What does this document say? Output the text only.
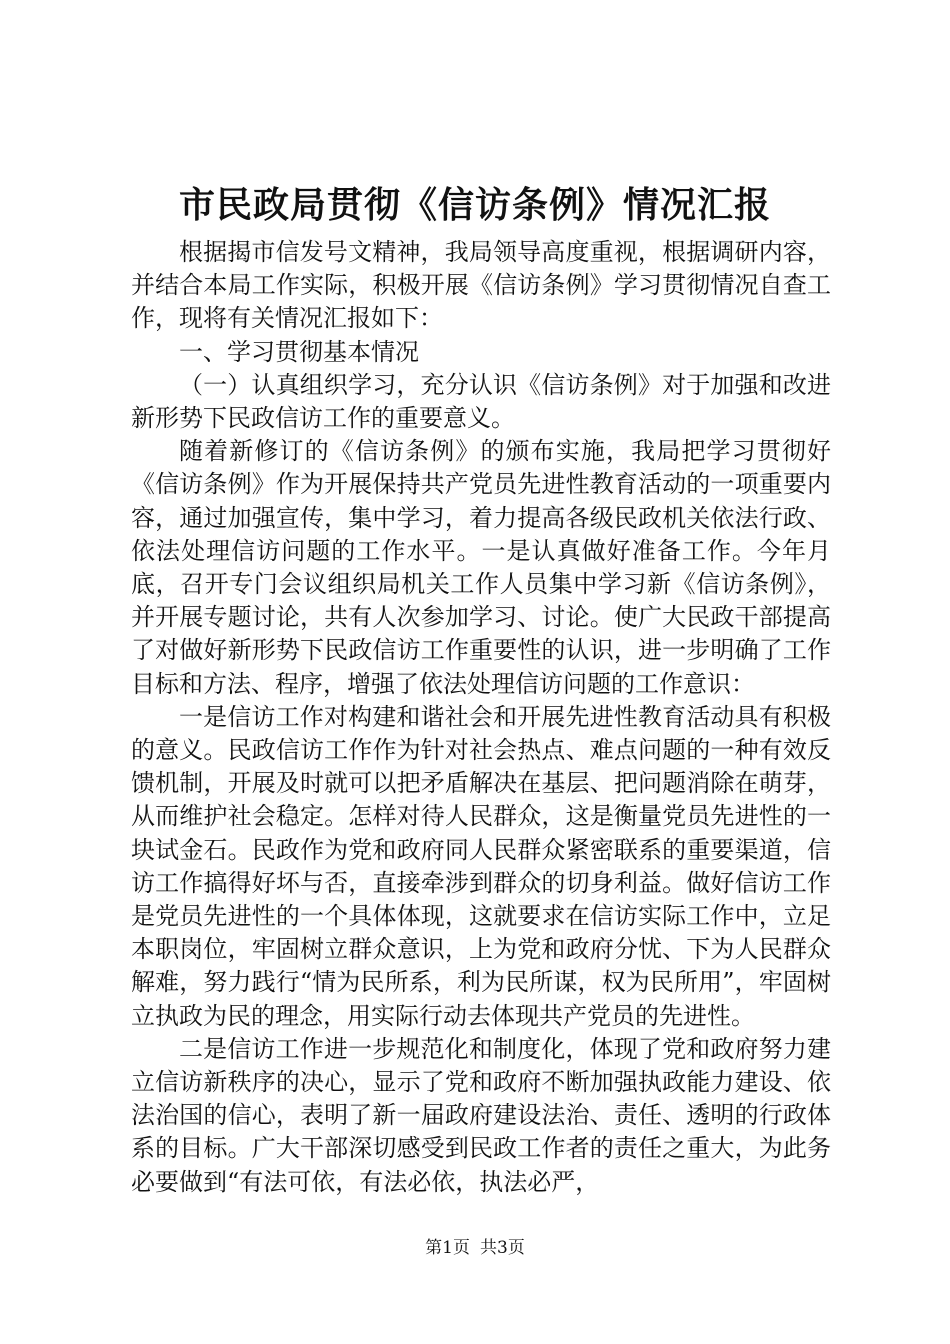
市民政局贯彻《信访条例》情况汇报

根据揭市信发号文精神，我局领导高度重视，根据调研内容，并结合本局工作实际，积极开展《信访条例》学习贯彻情况自查工作，现将有关情况汇报如下：

一、学习贯彻基本情况

（一）认真组织学习，充分认识《信访条例》对于加强和改进新形势下民政信访工作的重要意义。

随着新修订的《信访条例》的颁布实施，我局把学习贯彻好《信访条例》作为开展保持共产党员先进性教育活动的一项重要内容，通过加强宣传，集中学习，着力提高各级民政机关依法行政、依法处理信访问题的工作水平。一是认真做好准备工作。今年月底，召开专门会议组织局机关工作人员集中学习新《信访条例》，并开展专题讨论，共有人次参加学习、讨论。使广大民政干部提高了对做好新形势下民政信访工作重要性的认识，进一步明确了工作目标和方法、程序，增强了依法处理信访问题的工作意识：

一是信访工作对构建和谐社会和开展先进性教育活动具有积极的意义。民政信访工作作为针对社会热点、难点问题的一种有效反馈机制，开展及时就可以把矛盾解决在基层、把问题消除在萌芽，从而维护社会稳定。怎样对待人民群众，这是衡量党员先进性的一块试金石。民政作为党和政府同人民群众紧密联系的重要渠道，信访工作搞得好坏与否，直接牵涉到群众的切身利益。做好信访工作是党员先进性的一个具体体现，这就要求在信访实际工作中，立足本职岗位，牢固树立群众意识，上为党和政府分忧、下为人民群众解难，努力践行“情为民所系，利为民所谋，权为民所用”，牢固树立执政为民的理念，用实际行动去体现共产党员的先进性。

二是信访工作进一步规范化和制度化，体现了党和政府努力建立信访新秩序的决心，显示了党和政府不断加强执政能力建设、依法治国的信心，表明了新一届政府建设法治、责任、透明的行政体系的目标。广大干部深切感受到民政工作者的责任之重大，为此务必要做到“有法可依，有法必依，执法必严，

第1页 共3页
